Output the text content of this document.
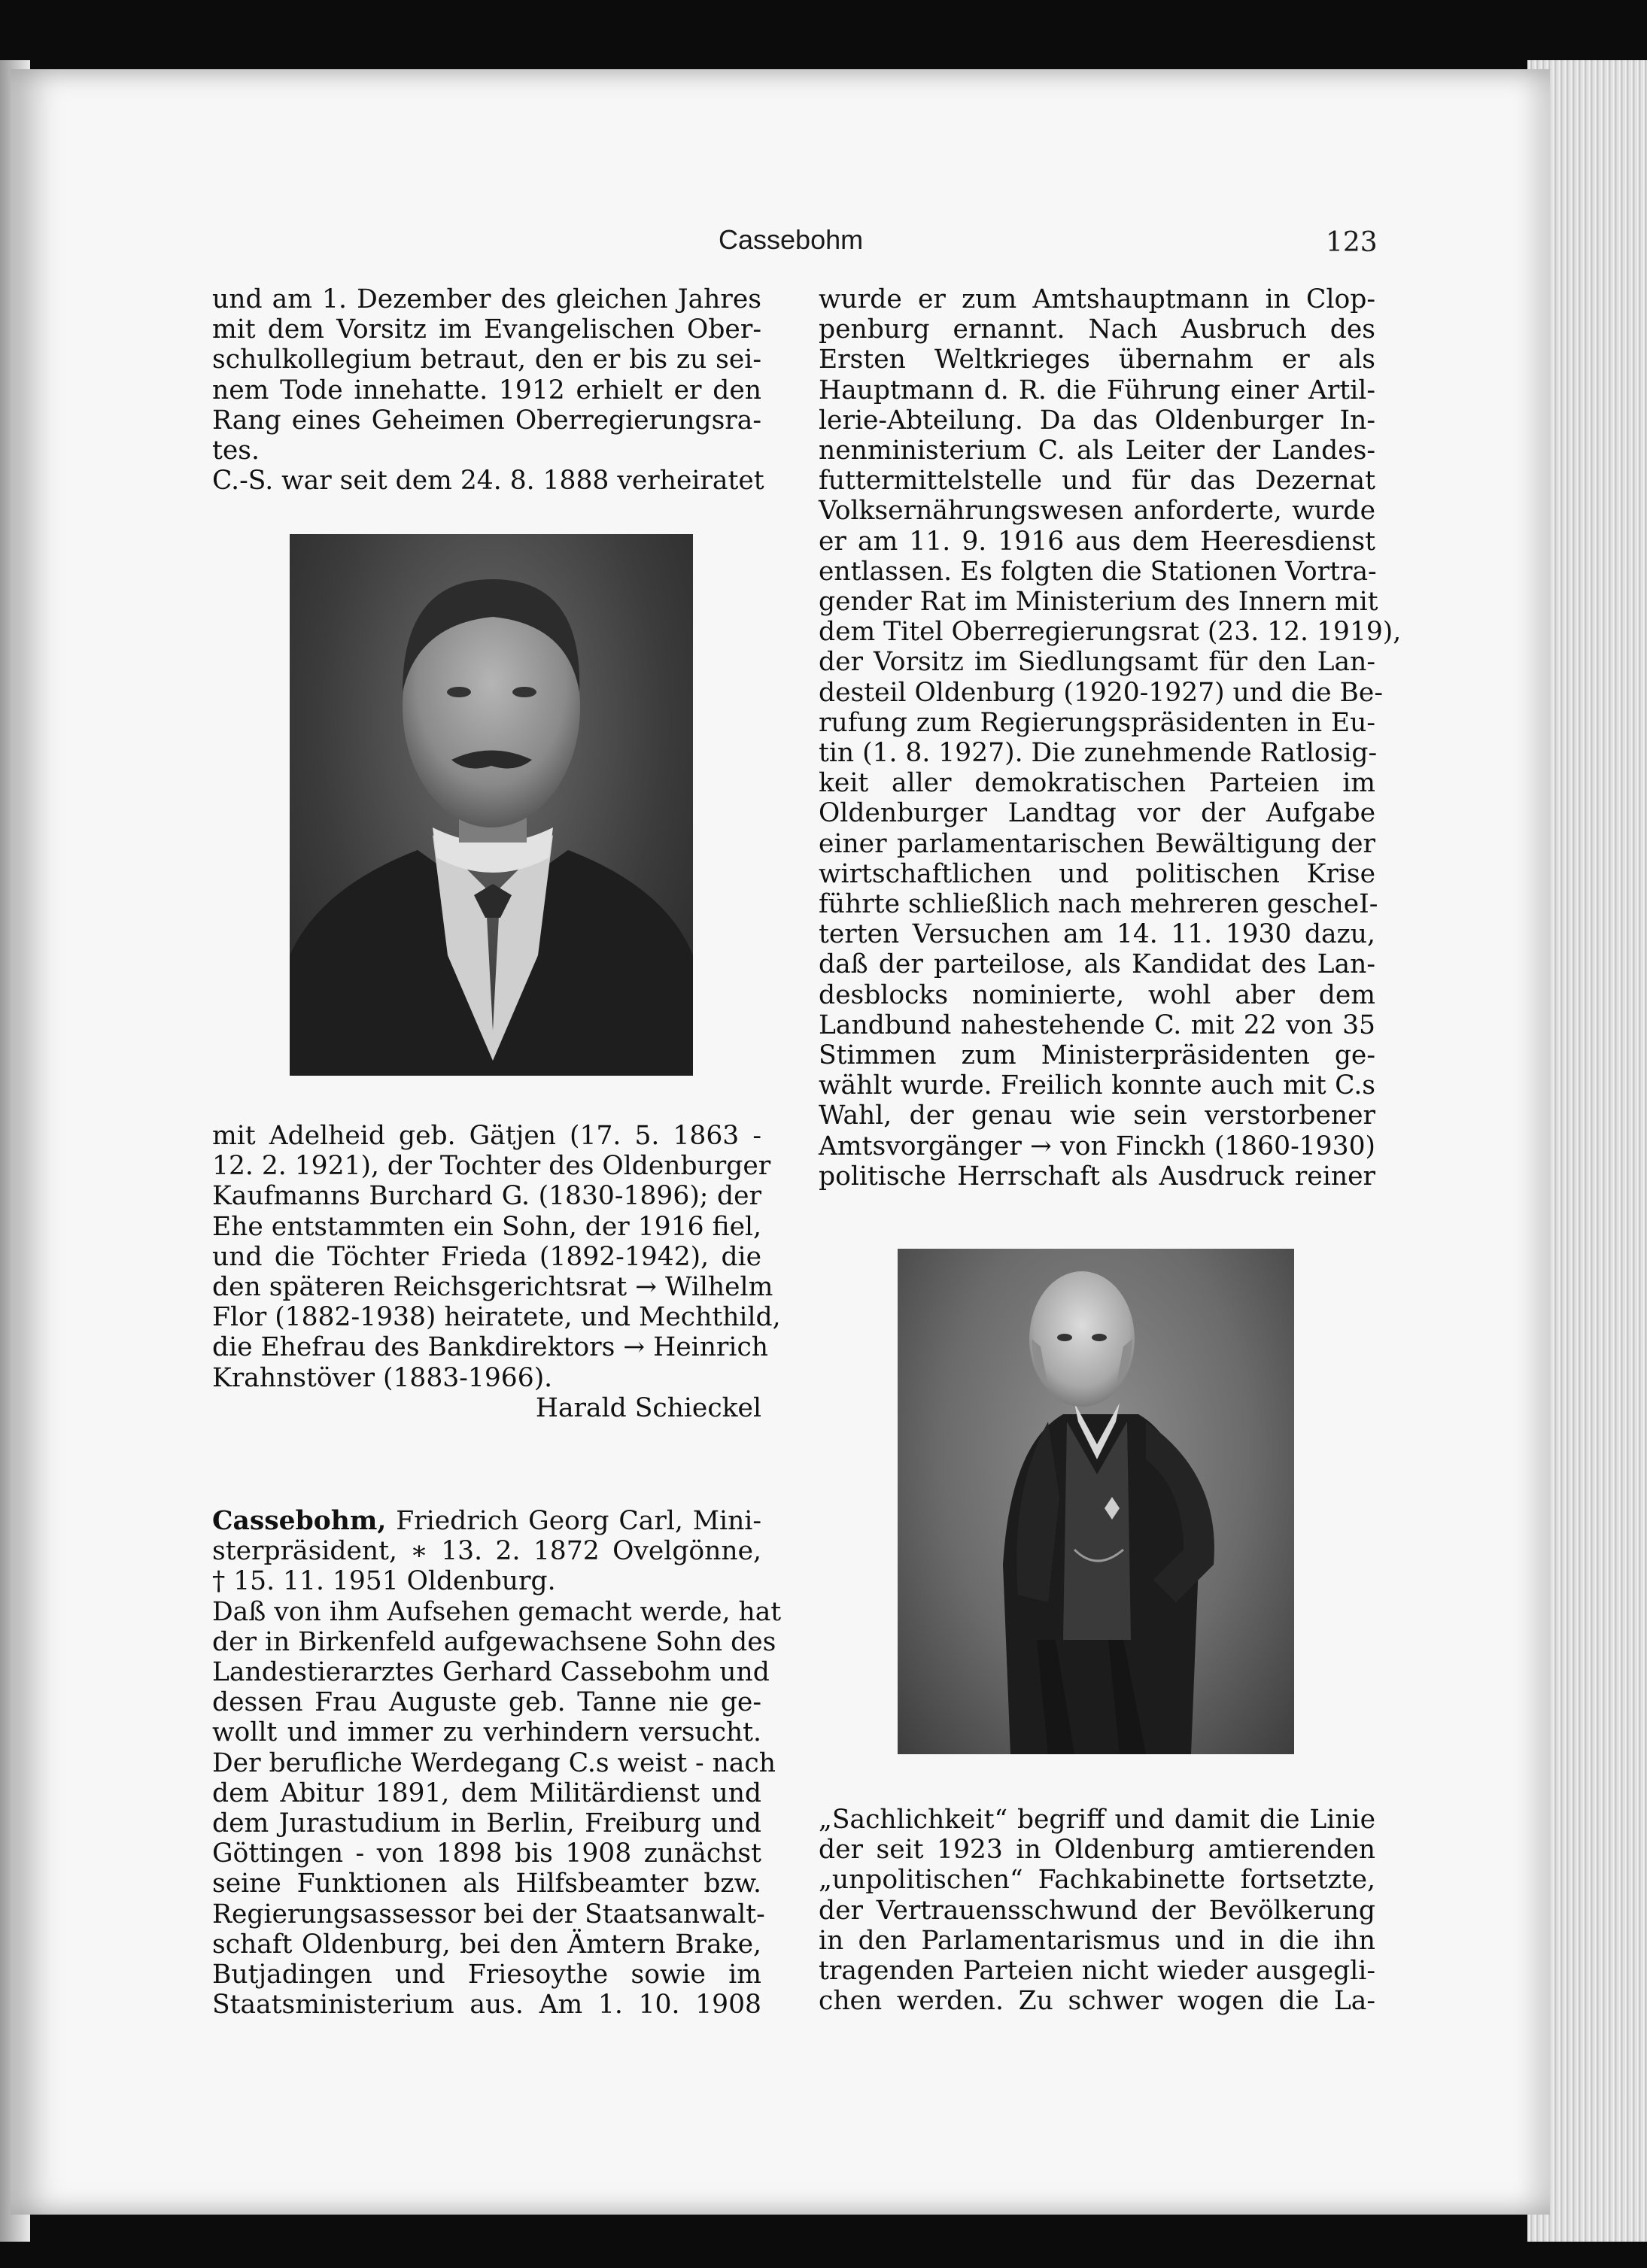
Cassebohm	123

und am 1. Dezember des gleichen Jahres

mit dem Vorsitz im Evangelischen Ober-

schulkollegium betraut, den er bis zu sei-

nem Tode innehatte. 1912 erhielt er den

Rang eines Geheimen Oberregierungsra-

tes.

C.-S. war seit dem 24. 8. 1888 verheiratet

mit Adelheid geb. Gätjen (17. 5. 1863 -

12. 2. 1921), der Tochter des Oldenburger

Kaufmanns Burchard G. (1830-1896); der

Ehe entstammten ein Sohn, der 1916 fiel,

und die Töchter Frieda (1892-1942), die

den späteren Reichsgerichtsrat → Wilhelm

Flor (1882-1938) heiratete, und Mechthild,

die Ehefrau des Bankdirektors → Heinrich

Krahnstöver (1883-1966).

Harald Schieckel

Cassebohm, Friedrich Georg Carl, Mini-

sterpräsident, ∗ 13. 2. 1872 Ovelgönne,

† 15. 11. 1951 Oldenburg.

Daß von ihm Aufsehen gemacht werde, hat

der in Birkenfeld aufgewachsene Sohn des

Landestierarztes Gerhard Cassebohm und

dessen Frau Auguste geb. Tanne nie ge-

wollt und immer zu verhindern versucht.

Der berufliche Werdegang C.s weist - nach

dem Abitur 1891, dem Militärdienst und

dem Jurastudium in Berlin, Freiburg und

Göttingen - von 1898 bis 1908 zunächst

seine Funktionen als Hilfsbeamter bzw.

Regierungsassessor bei der Staatsanwalt-

schaft Oldenburg, bei den Ämtern Brake,

Butjadingen und Friesoythe sowie im

Staatsministerium aus. Am 1. 10. 1908

wurde er zum Amtshauptmann in Clop-

penburg ernannt. Nach Ausbruch des

Ersten Weltkrieges übernahm er als

Hauptmann d. R. die Führung einer Artil-

lerie-Abteilung. Da das Oldenburger In-

nenministerium C. als Leiter der Landes-

futtermittelstelle und für das Dezernat

Volksernährungswesen anforderte, wurde

er am 11. 9. 1916 aus dem Heeresdienst

entlassen. Es folgten die Stationen Vortra-

gender Rat im Ministerium des Innern mit

dem Titel Oberregierungsrat (23. 12. 1919),

der Vorsitz im Siedlungsamt für den Lan-

desteil Oldenburg (1920-1927) und die Be-

rufung zum Regierungspräsidenten in Eu-

tin (1. 8. 1927). Die zunehmende Ratlosig-

keit aller demokratischen Parteien im

Oldenburger Landtag vor der Aufgabe

einer parlamentarischen Bewältigung der

wirtschaftlichen und politischen Krise

führte schließlich nach mehreren gescheI-

terten Versuchen am 14. 11. 1930 dazu,

daß der parteilose, als Kandidat des Lan-

desblocks nominierte, wohl aber dem

Landbund nahestehende C. mit 22 von 35

Stimmen zum Ministerpräsidenten ge-

wählt wurde. Freilich konnte auch mit C.s

Wahl, der genau wie sein verstorbener

Amtsvorgänger → von Finckh (1860-1930)

politische Herrschaft als Ausdruck reiner

„Sachlichkeit“ begriff und damit die Linie

der seit 1923 in Oldenburg amtierenden

„unpolitischen“ Fachkabinette fortsetzte,

der Vertrauensschwund der Bevölkerung

in den Parlamentarismus und in die ihn

tragenden Parteien nicht wieder ausgegli-

chen werden. Zu schwer wogen die La-
